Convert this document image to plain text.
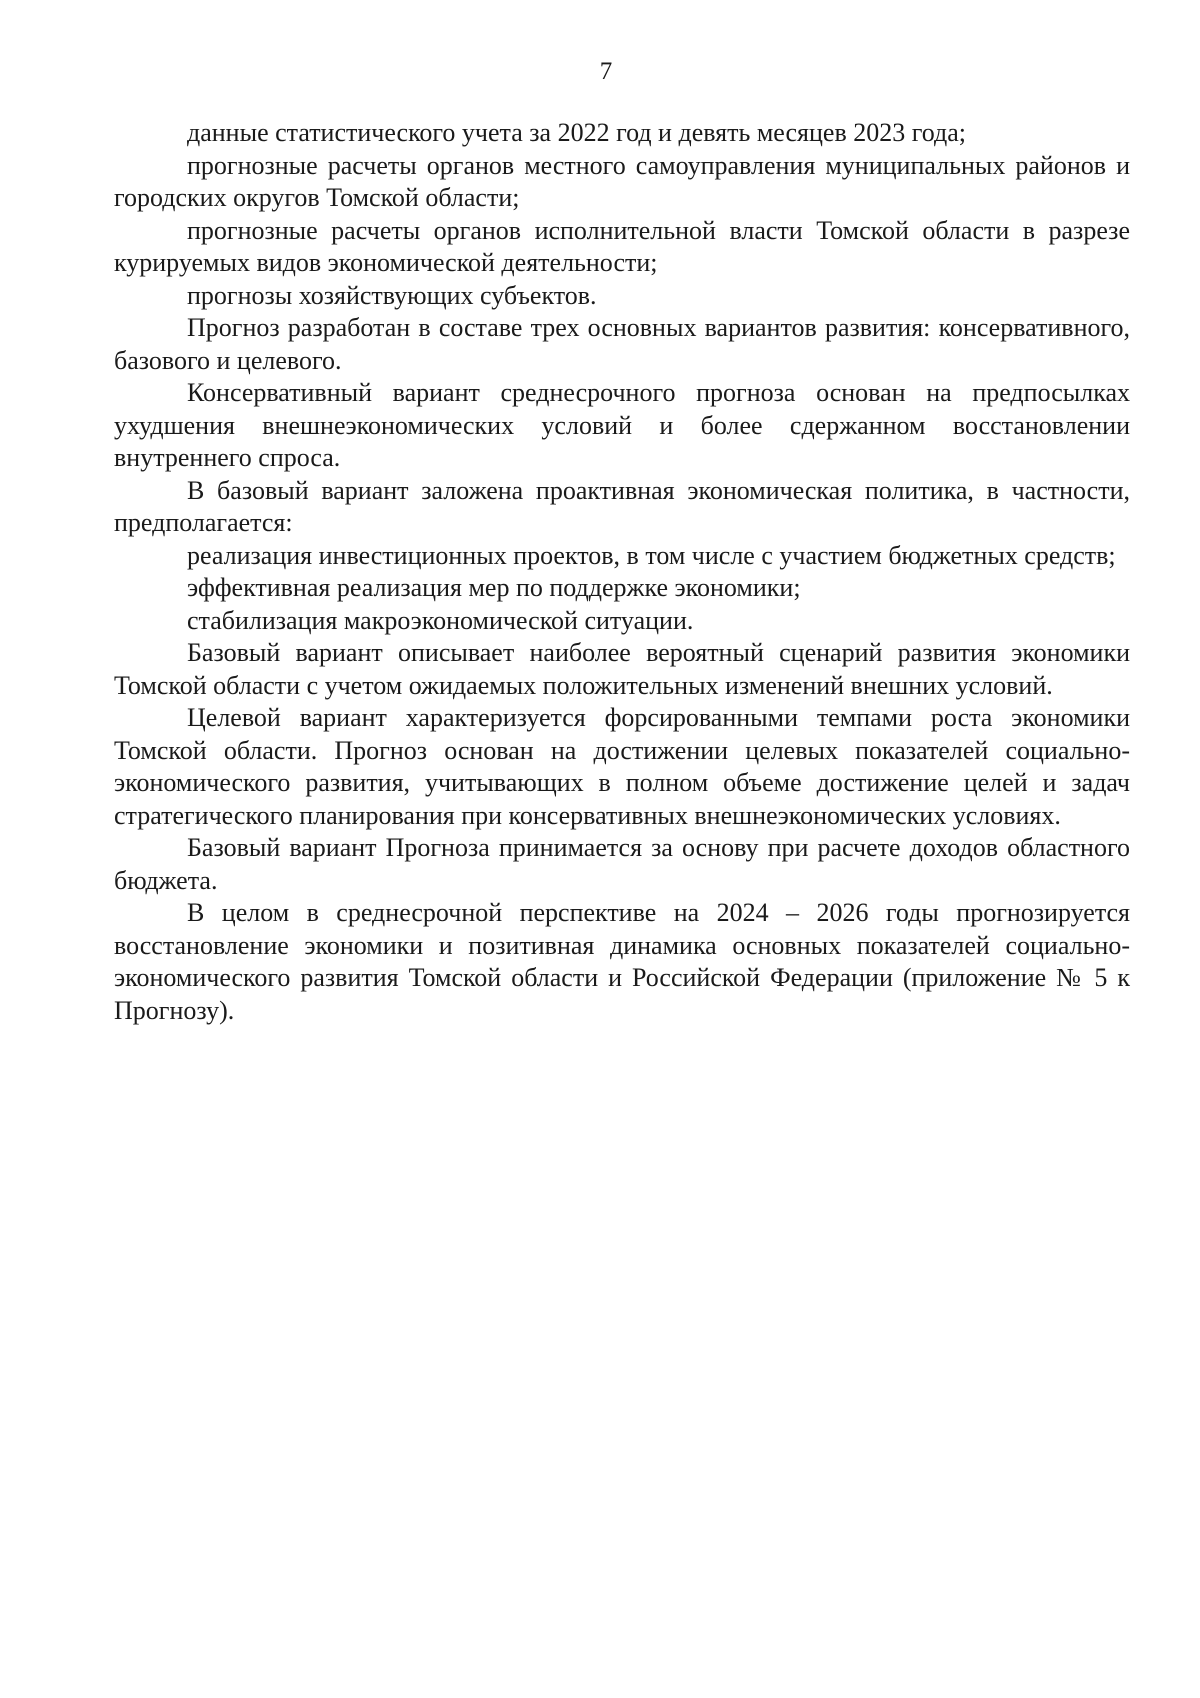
7

данные статистического учета за 2022 год и девять месяцев 2023 года;

прогнозные расчеты органов местного самоуправления муниципальных районов и городских округов Томской области;

прогнозные расчеты органов исполнительной власти Томской области в разрезе курируемых видов экономической деятельности;

прогнозы хозяйствующих субъектов.

Прогноз разработан в составе трех основных вариантов развития: консервативного, базового и целевого.

Консервативный вариант среднесрочного прогноза основан на предпосылках ухудшения внешнеэкономических условий и более сдержанном восстановлении внутреннего спроса.

В базовый вариант заложена проактивная экономическая политика, в частности, предполагается:

реализация инвестиционных проектов, в том числе с участием бюджетных средств;

эффективная реализация мер по поддержке экономики;

стабилизация макроэкономической ситуации.

Базовый вариант описывает наиболее вероятный сценарий развития экономики Томской области с учетом ожидаемых положительных изменений внешних условий.

Целевой вариант характеризуется форсированными темпами роста экономики Томской области. Прогноз основан на достижении целевых показателей социально-экономического развития, учитывающих в полном объеме достижение целей и задач стратегического планирования при консервативных внешнеэкономических условиях.

Базовый вариант Прогноза принимается за основу при расчете доходов областного бюджета.

В целом в среднесрочной перспективе на 2024 – 2026 годы прогнозируется восстановление экономики и позитивная динамика основных показателей социально-экономического развития Томской области и Российской Федерации (приложение № 5 к Прогнозу).
